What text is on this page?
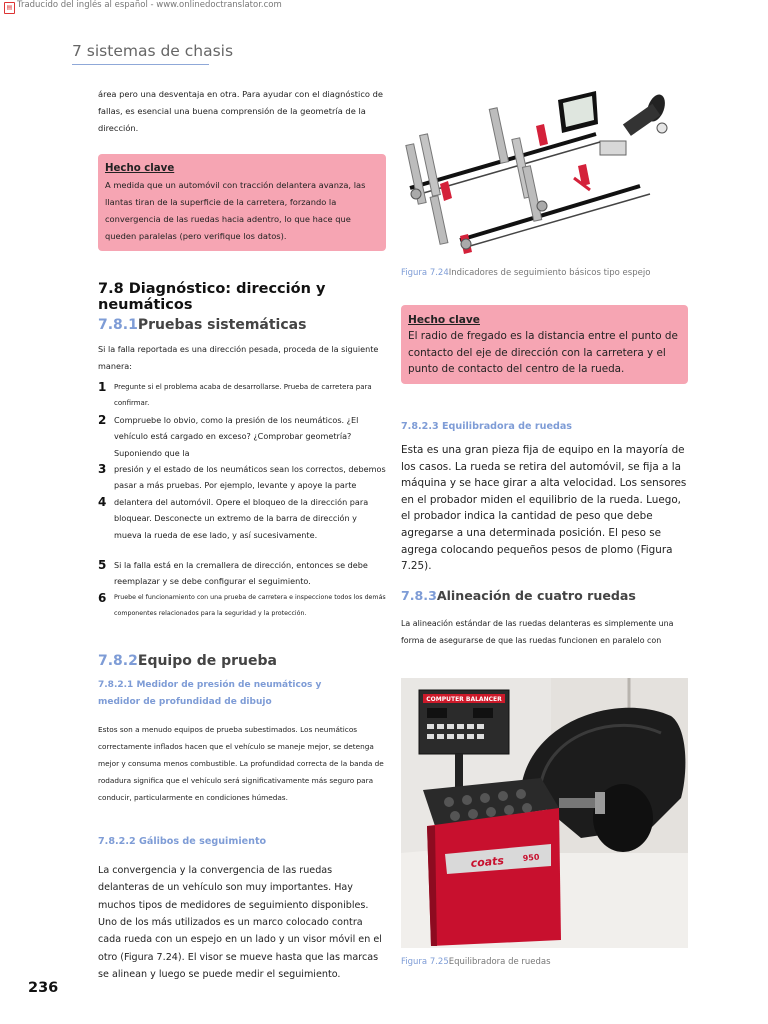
▤ Traducido del inglés al español - www.onlinedoctranslator.com
7 sistemas de chasis
área pero una desventaja en otra. Para ayudar con el diagnóstico de fallas, es esencial una buena comprensión de la geometría de la dirección.
Hecho clave
A medida que un automóvil con tracción delantera avanza, las llantas tiran de la superficie de la carretera, forzando la convergencia de las ruedas hacia adentro, lo que hace que queden paralelas (pero verifique los datos).
7.8 Diagnóstico: dirección y neumáticos
7.8.1Pruebas sistemáticas
Si la falla reportada es una dirección pesada, proceda de la siguiente manera:
1 Pregunte si el problema acaba de desarrollarse. Prueba de carretera para confirmar.
2 Compruebe lo obvio, como la presión de los neumáticos. ¿El vehículo está cargado en exceso? ¿Comprobar geometría? Suponiendo que la
3 presión y el estado de los neumáticos sean los correctos, debemos pasar a más pruebas. Por ejemplo, levante y apoye la parte
4 delantera del automóvil. Opere el bloqueo de la dirección para bloquear. Desconecte un extremo de la barra de dirección y mueva la rueda de ese lado, y así sucesivamente.
5 Si la falla está en la cremallera de dirección, entonces se debe reemplazar y se debe configurar el seguimiento.
6 Pruebe el funcionamiento con una prueba de carretera e inspeccione todos los demás componentes relacionados para la seguridad y la protección.
7.8.2Equipo de prueba
7.8.2.1 Medidor de presión de neumáticos y medidor de profundidad de dibujo
Estos son a menudo equipos de prueba subestimados. Los neumáticos correctamente inflados hacen que el vehículo se maneje mejor, se detenga mejor y consuma menos combustible. La profundidad correcta de la banda de rodadura significa que el vehículo será significativamente más seguro para conducir, particularmente en condiciones húmedas.
7.8.2.2 Gálibos de seguimiento
La convergencia y la convergencia de las ruedas delanteras de un vehículo son muy importantes. Hay muchos tipos de medidores de seguimiento disponibles. Uno de los más utilizados es un marco colocado contra cada rueda con un espejo en un lado y un visor móvil en el otro (Figura 7.24). El visor se mueve hasta que las marcas se alinean y luego se puede medir el seguimiento.
Figura 7.24Indicadores de seguimiento básicos tipo espejo
Hecho clave
El radio de fregado es la distancia entre el punto de contacto del eje de dirección con la carretera y el punto de contacto del centro de la rueda.
7.8.2.3 Equilibradora de ruedas
Esta es una gran pieza fija de equipo en la mayoría de los casos. La rueda se retira del automóvil, se fija a la máquina y se hace girar a alta velocidad. Los sensores en el probador miden el equilibrio de la rueda. Luego, el probador indica la cantidad de peso que debe agregarse a una determinada posición. El peso se agrega colocando pequeños pesos de plomo (Figura 7.25).
7.8.3Alineación de cuatro ruedas
La alineación estándar de las ruedas delanteras es simplemente una forma de asegurarse de que las ruedas funcionen en paralelo con
COMPUTER BALANCER
coats 950
Figura 7.25Equilibradora de ruedas
236
